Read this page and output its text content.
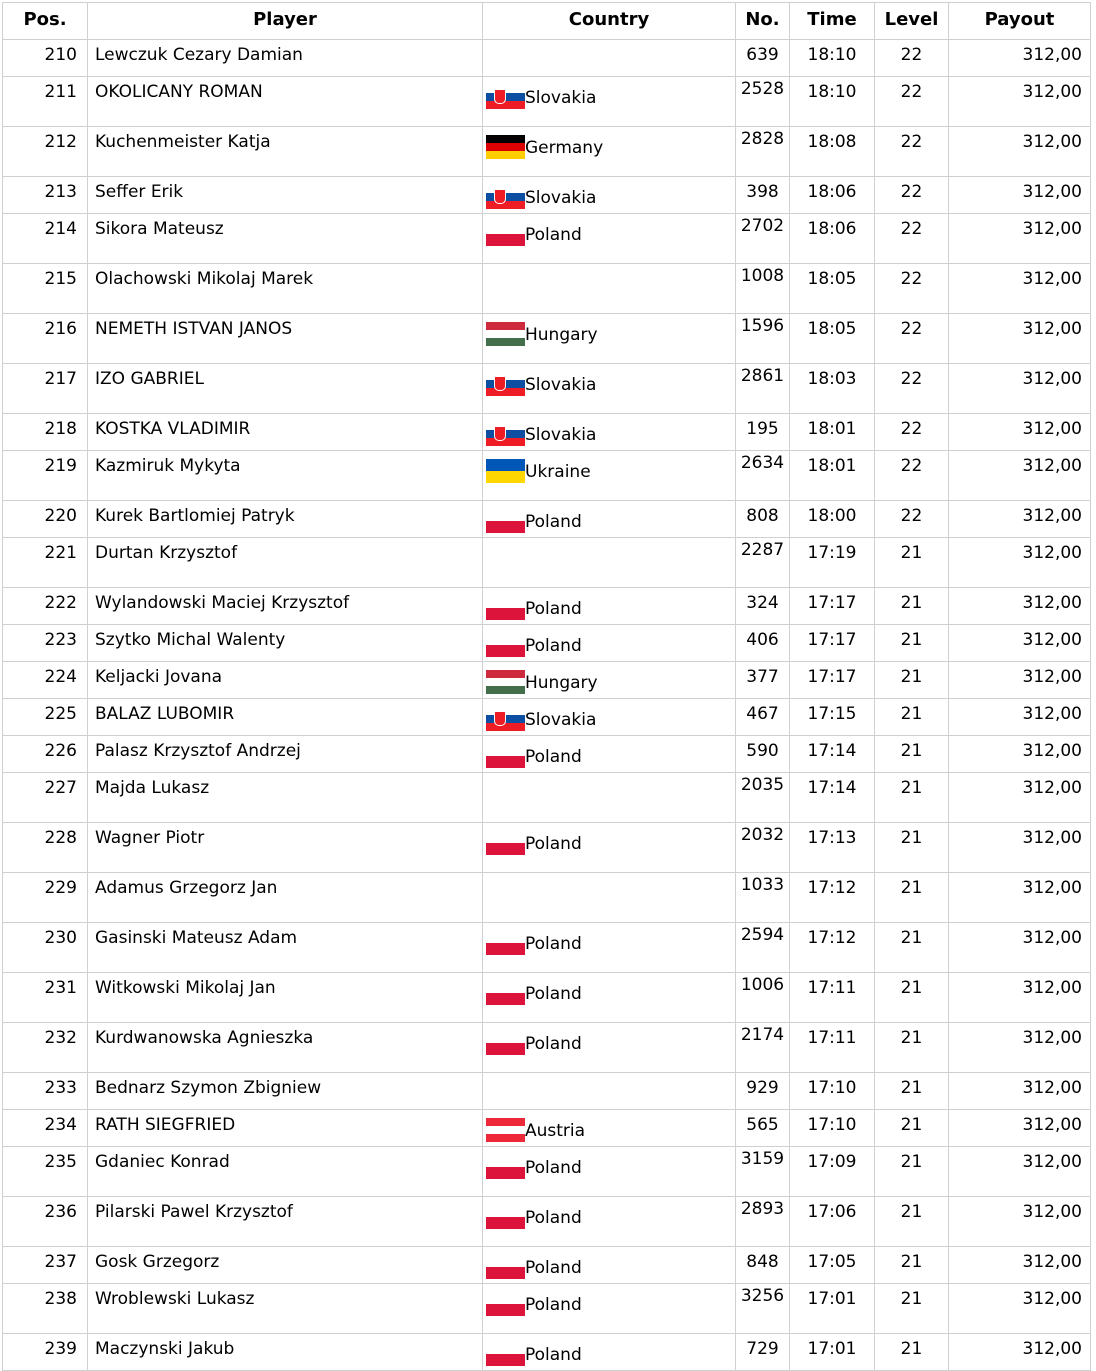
Pos.	Player	Country	No.	Time	Level	Payout
210	Lewczuk Cezary Damian		639	18:10	22	312,00
211	OKOLICANY ROMAN	Slovakia	2528	18:10	22	312,00
212	Kuchenmeister Katja	Germany	2828	18:08	22	312,00
213	Seffer Erik	Slovakia	398	18:06	22	312,00
214	Sikora Mateusz	Poland	2702	18:06	22	312,00
215	Olachowski Mikolaj Marek		1008	18:05	22	312,00
216	NEMETH ISTVAN JANOS	Hungary	1596	18:05	22	312,00
217	IZO GABRIEL	Slovakia	2861	18:03	22	312,00
218	KOSTKA VLADIMIR	Slovakia	195	18:01	22	312,00
219	Kazmiruk Mykyta	Ukraine	2634	18:01	22	312,00
220	Kurek Bartlomiej Patryk	Poland	808	18:00	22	312,00
221	Durtan Krzysztof		2287	17:19	21	312,00
222	Wylandowski Maciej Krzysztof	Poland	324	17:17	21	312,00
223	Szytko Michal Walenty	Poland	406	17:17	21	312,00
224	Keljacki Jovana	Hungary	377	17:17	21	312,00
225	BALAZ LUBOMIR	Slovakia	467	17:15	21	312,00
226	Palasz Krzysztof Andrzej	Poland	590	17:14	21	312,00
227	Majda Lukasz		2035	17:14	21	312,00
228	Wagner Piotr	Poland	2032	17:13	21	312,00
229	Adamus Grzegorz Jan		1033	17:12	21	312,00
230	Gasinski Mateusz Adam	Poland	2594	17:12	21	312,00
231	Witkowski Mikolaj Jan	Poland	1006	17:11	21	312,00
232	Kurdwanowska Agnieszka	Poland	2174	17:11	21	312,00
233	Bednarz Szymon Zbigniew		929	17:10	21	312,00
234	RATH SIEGFRIED	Austria	565	17:10	21	312,00
235	Gdaniec Konrad	Poland	3159	17:09	21	312,00
236	Pilarski Pawel Krzysztof	Poland	2893	17:06	21	312,00
237	Gosk Grzegorz	Poland	848	17:05	21	312,00
238	Wroblewski Lukasz	Poland	3256	17:01	21	312,00
239	Maczynski Jakub	Poland	729	17:01	21	312,00
